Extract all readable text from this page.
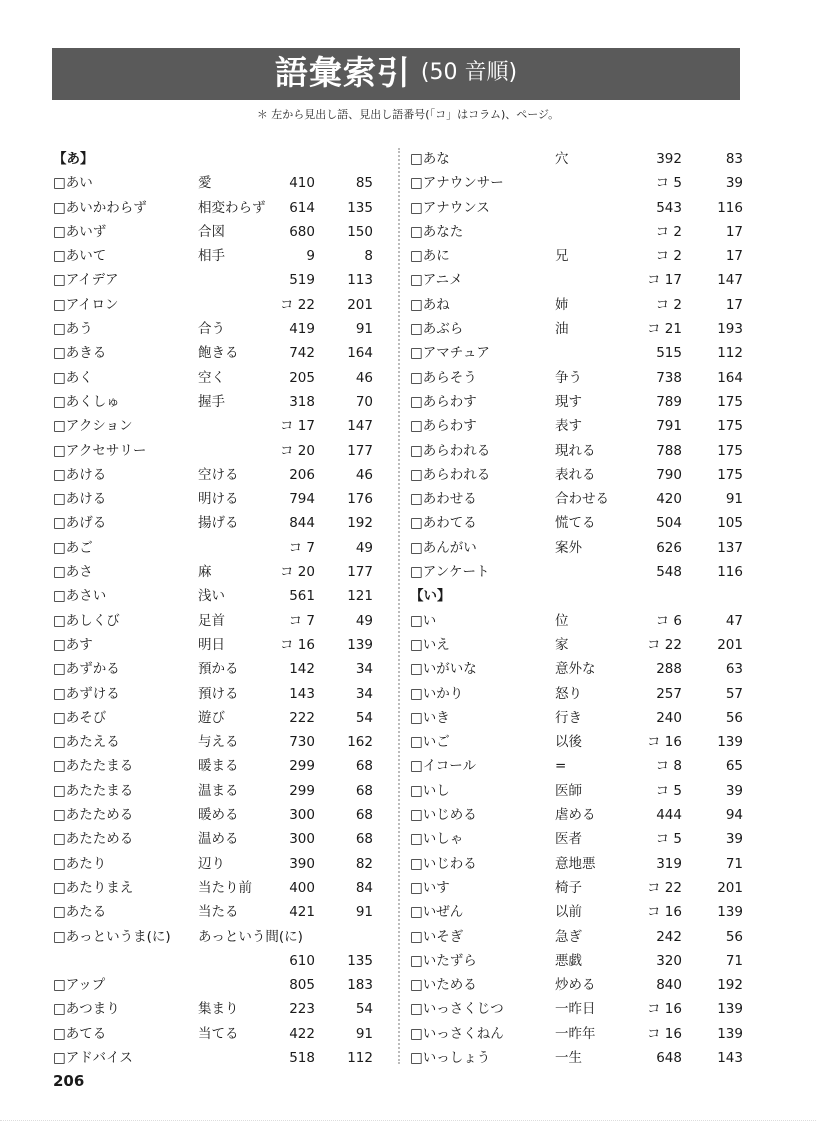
語彙索引 (50 音順)
ご い さく いん	おんじゅん
＊ 左から見出し語、見出し語番号(「コ」はコラム)、ページ。
【あ】
□あい	愛	410	85
□あいかわらず	相変わらず 614 135
□あいず	合図	680 150
□あいて	相手	9	8
□アイデア	519 113
□アイロン	コ 22 201
□あう	合う	419	91
□あきる	飽きる	742 164
□あく	空く	205	46
□あくしゅ	握手	318	70
□アクション	コ 17 147
□アクセサリー	コ 20 177
□あける	空ける	206	46
□あける	明ける	794 176
□あげる	揚げる	844 192
□あご	コ 7	49
□あさ	麻	コ 20 177
□あさい	浅い	561 121
□あしくび	足首	コ 7	49
□あす	明日	コ 16 139
□あずかる	預かる	142	34
□あずける	預ける	143	34
□あそび	遊び	222	54
□あたえる	与える	730 162
□あたたまる	暖まる	299	68
□あたたまる	温まる	299	68
□あたためる	暖める	300	68
□あたためる	温める	300	68
□あたり	辺り	390	82
□あたりまえ	当たり前	400	84
□あたる	当たる	421	91
□あっというま(に) あっという間(に)
610 135
□アップ	805 183
□あつまり	集まり	223	54
□あてる	当てる	422	91
□アドバイス	518 112
□あな	穴	392	83
□アナウンサー	コ 5	39
□アナウンス	543	116
□あなた	コ 2	17
□あに	兄	コ 2	17
□アニメ	コ 17	147
□あね	姉	コ 2	17
□あぶら	油	コ 21	193
□アマチュア	515	112
□あらそう	争う	738	164
□あらわす	現す	789	175
□あらわす	表す	791	175
□あらわれる	現れる	788	175
□あらわれる	表れる	790	175
□あわせる	合わせる	420	91
□あわてる	慌てる	504	105
□あんがい	案外	626	137
□アンケート	548	116
【い】
□い	位	コ 6	47
□いえ	家	コ 22	201
□いがいな	意外な	288	63
□いかり	怒り	257	57
□いき	行き	240	56
□いご	以後	コ 16	139
□イコール	=	コ 8	65
□いし	医師	コ 5	39
□いじめる	虐める	444	94
□いしゃ	医者	コ 5	39
□いじわる	意地悪	319	71
□いす	椅子	コ 22	201
□いぜん	以前	コ 16	139
□いそぎ	急ぎ	242	56
□いたずら	悪戯	320	71
□いためる	炒める	840	192
□いっさくじつ	一昨日	コ 16	139
□いっさくねん	一昨年	コ 16	139
□いっしょう	一生	648	143
206
